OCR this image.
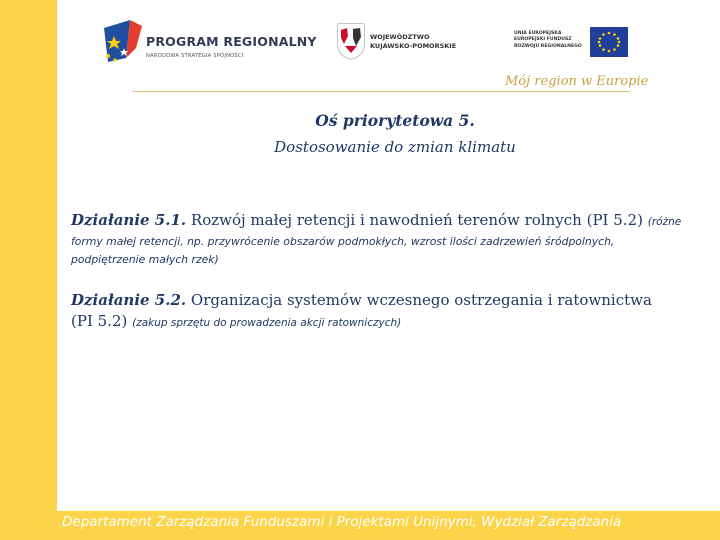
PROGRAM REGIONALNY
NARODOWA STRATEGIA SPÓJNOŚCI
WOJEWÓDZTWO
KUJAWSKO-POMORSKIE
UNIA EUROPEJSKA
EUROPEJSKI FUNDUSZ
ROZWOJU REGIONALNEGO
Mój region w Europie
Oś priorytetowa 5.
Dostosowanie do zmian klimatu
Działanie 5.1. Rozwój małej retencji i nawodnień terenów rolnych (PI 5.2) (różne
formy małej retencji, np. przywrócenie obszarów podmokłych, wzrost ilości zadrzewień śródpolnych,
podpiętrzenie małych rzek)
Działanie 5.2. Organizacja systemów wczesnego ostrzegania i ratownictwa
(PI 5.2) (zakup sprzętu do prowadzenia akcji ratowniczych)
Departament Zarządzania Funduszami i Projektami Unijnymi, Wydział Zarządzania
